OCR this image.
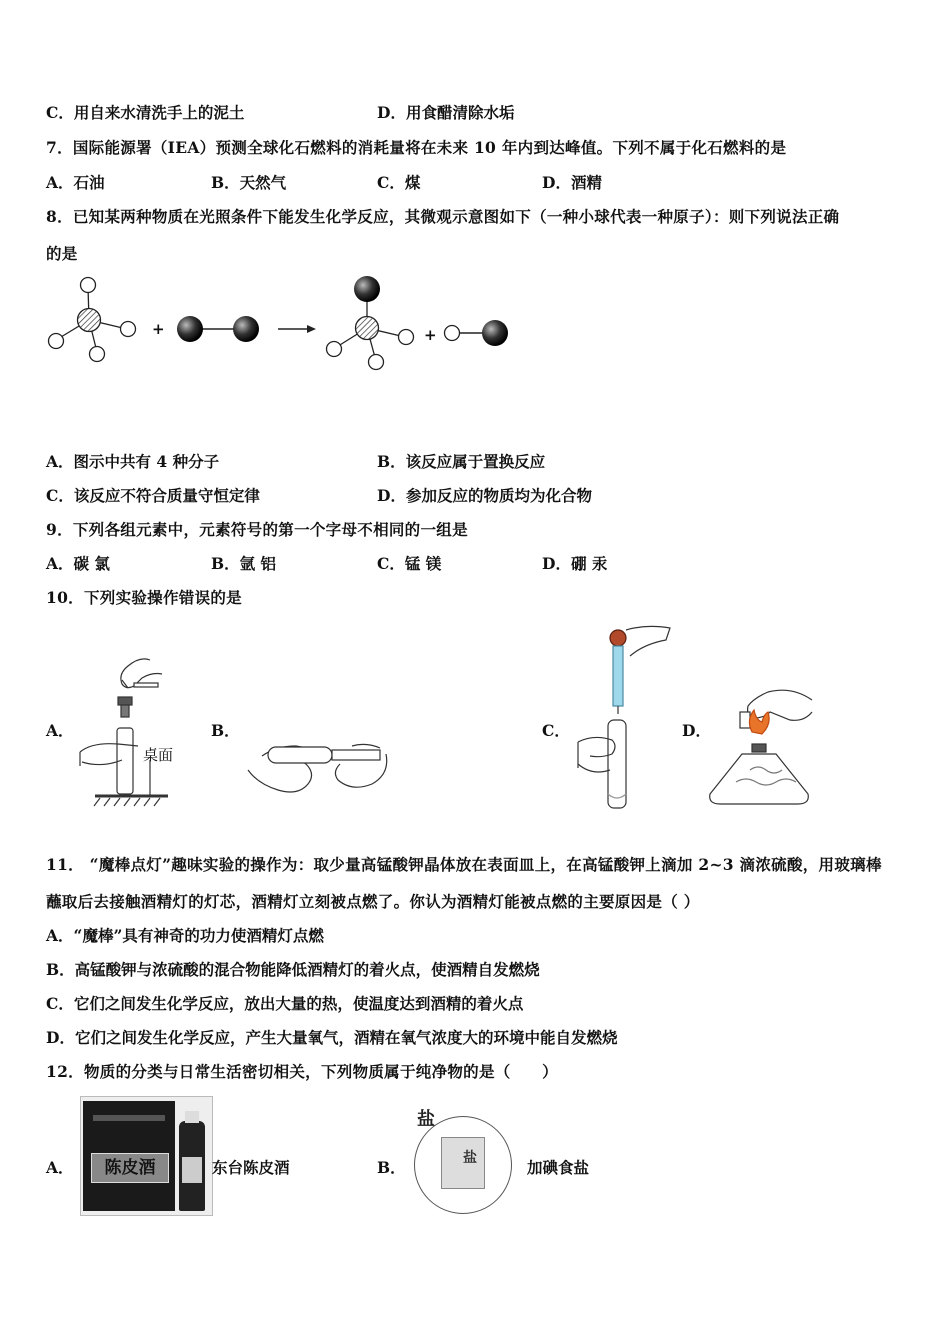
C．用自来水清洗手上的泥土	D．用食醋清除水垢
7．国际能源署（IEA）预测全球化石燃料的消耗量将在未来 10 年内到达峰值。下列不属于化石燃料的是
A．石油	B．天然气	C．煤	D．酒精
8．已知某两种物质在光照条件下能发生化学反应，其微观示意图如下（一种小球代表一种原子）：则下列说法正确
的是
+	+
A．图示中共有 4 种分子	B．该反应属于置换反应
C．该反应不符合质量守恒定律	D．参加反应的物质均为化合物
9．下列各组元素中，元素符号的第一个字母不相同的一组是
A．碳 氯	B．氩 铝	C．锰 镁	D．硼 汞
10．下列实验操作错误的是
A．	B．	C．	D．
桌面
11． “魔棒点灯”趣味实验的操作为：取少量高锰酸钾晶体放在表面皿上，在高锰酸钾上滴加 2~3 滴浓硫酸，用玻璃棒
蘸取后去接触酒精灯的灯芯，酒精灯立刻被点燃了。你认为酒精灯能被点燃的主要原因是（ ）
A．“魔棒”具有神奇的功力使酒精灯点燃
B．高锰酸钾与浓硫酸的混合物能降低酒精灯的着火点，使酒精自发燃烧
C．它们之间发生化学反应，放出大量的热，使温度达到酒精的着火点
D．它们之间发生化学反应，产生大量氧气，酒精在氧气浓度大的环境中能自发燃烧
12．物质的分类与日常生活密切相关，下列物质属于纯净物的是（　　）
A．	陈皮酒	东台陈皮酒	B．
盐
盐	加碘食盐
